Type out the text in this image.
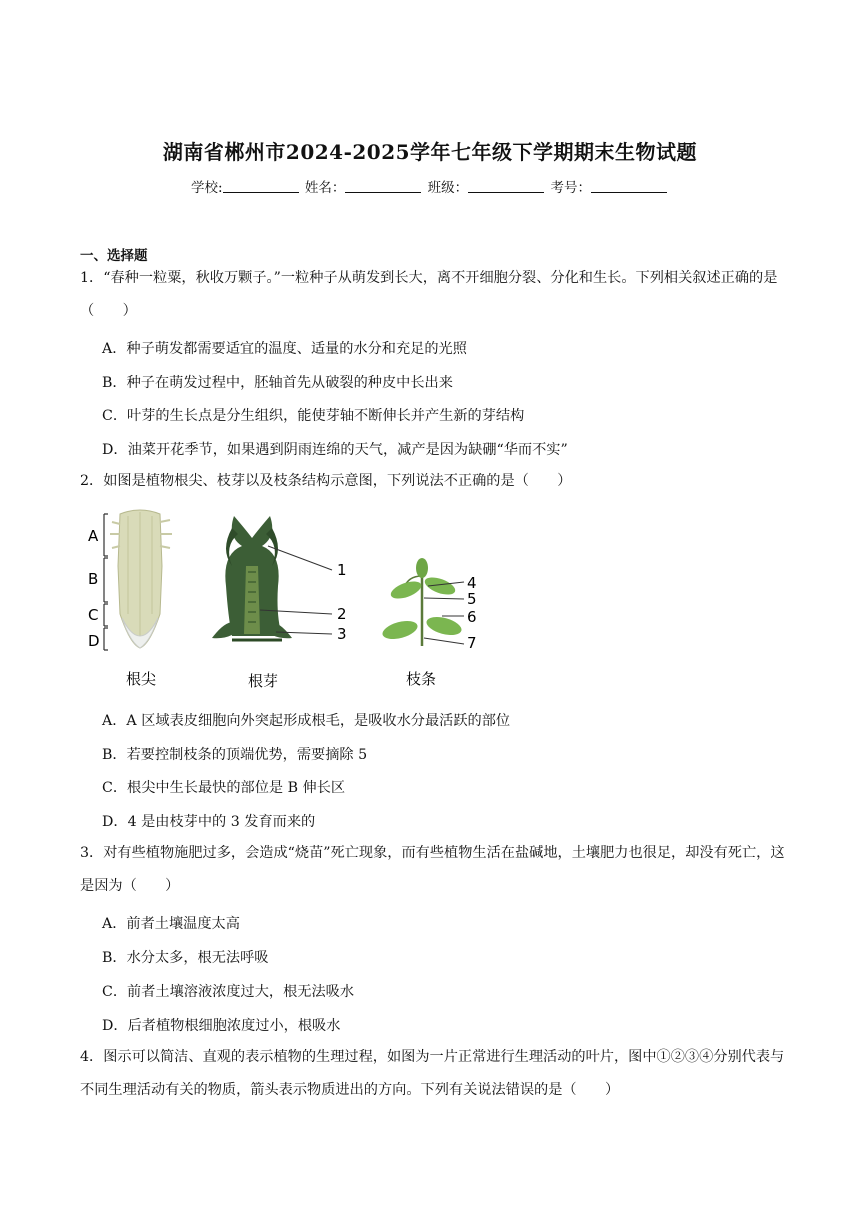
湖南省郴州市2024-2025学年七年级下学期期末生物试题
学校:	姓名：	班级：	考号：
一、选择题
1．“春种一粒粟，秋收万颗子。”一粒种子从萌发到长大，离不开细胞分裂、分化和生长。下列相关叙述正确的是（　　）
A．种子萌发都需要适宜的温度、适量的水分和充足的光照
B．种子在萌发过程中，胚轴首先从破裂的种皮中长出来
C．叶芽的生长点是分生组织，能使芽轴不断伸长并产生新的芽结构
D．油菜开花季节，如果遇到阴雨连绵的天气，减产是因为缺硼“华而不实”
2．如图是植物根尖、枝芽以及枝条结构示意图，下列说法不正确的是（　　）
A
B
C
D
1
2
3
4
5
6
7
根尖	根芽	枝条
A．A 区域表皮细胞向外突起形成根毛，是吸收水分最活跃的部位
B．若要控制枝条的顶端优势，需要摘除 5
C．根尖中生长最快的部位是 B 伸长区
D．4 是由枝芽中的 3 发育而来的
3．对有些植物施肥过多，会造成“烧苗”死亡现象，而有些植物生活在盐碱地，土壤肥力也很足，却没有死亡，这是因为（　　）
A．前者土壤温度太高
B．水分太多，根无法呼吸
C．前者土壤溶液浓度过大，根无法吸水
D．后者植物根细胞浓度过小，根吸水
4．图示可以简洁、直观的表示植物的生理过程，如图为一片正常进行生理活动的叶片，图中①②③④分别代表与不同生理活动有关的物质，箭头表示物质进出的方向。下列有关说法错误的是（　　）
